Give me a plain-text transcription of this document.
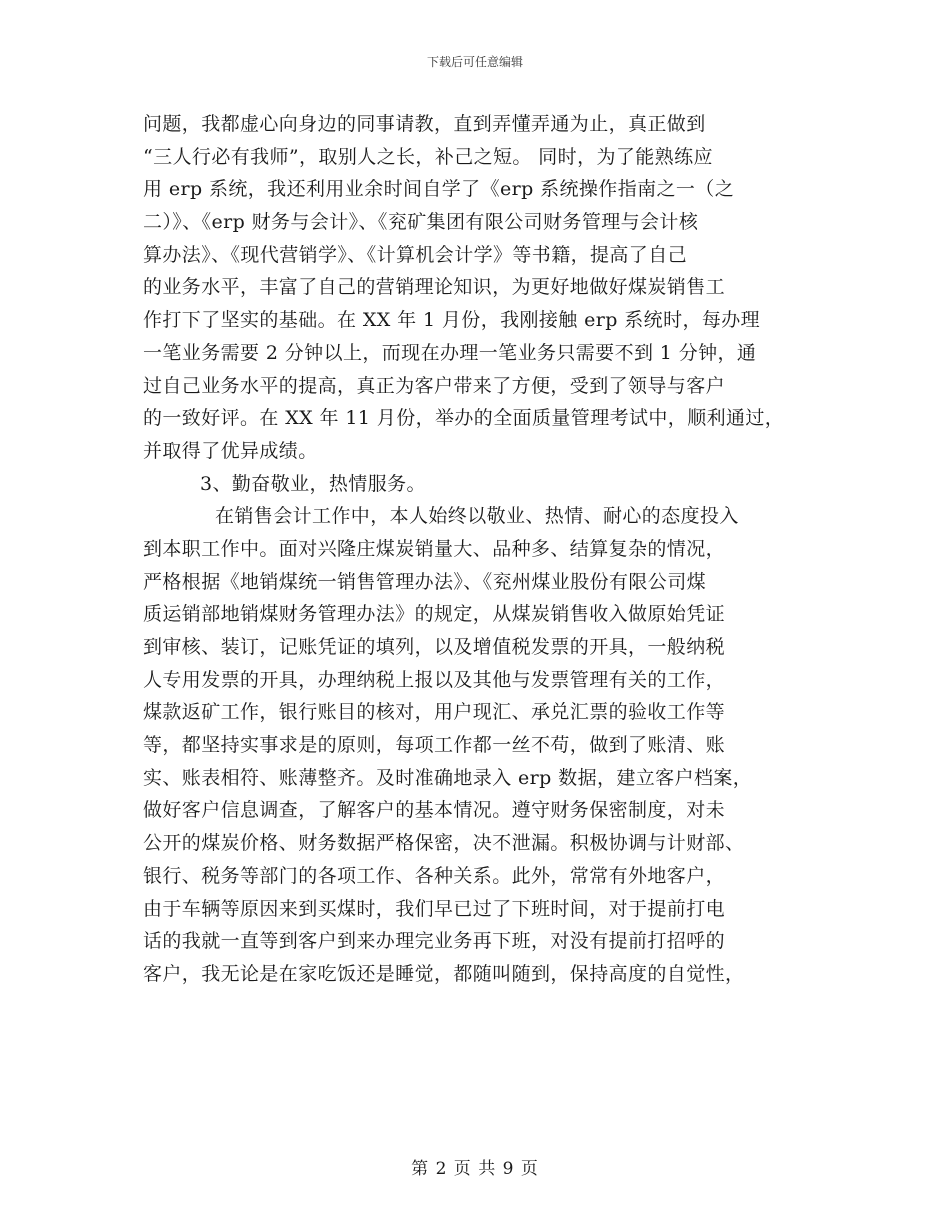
下载后可任意编辑
问题，我都虚心向身边的同事请教，直到弄懂弄通为止，真正做到
“三人行必有我师”，取别人之长，补己之短。 同时，为了能熟练应
用 erp 系统，我还利用业余时间自学了《erp 系统操作指南之一（之
二）》、《erp 财务与会计》、《兖矿集团有限公司财务管理与会计核
算办法》、《现代营销学》、《计算机会计学》等书籍，提高了自己
的业务水平，丰富了自己的营销理论知识，为更好地做好煤炭销售工
作打下了坚实的基础。在 XX 年 1 月份，我刚接触 erp 系统时，每办理
一笔业务需要 2 分钟以上，而现在办理一笔业务只需要不到 1 分钟，通
过自己业务水平的提高，真正为客户带来了方便，受到了领导与客户
的一致好评。在 XX 年 11 月份，举办的全面质量管理考试中，顺利通过，
并取得了优异成绩。
3、勤奋敬业，热情服务。
在销售会计工作中，本人始终以敬业、热情、耐心的态度投入
到本职工作中。面对兴隆庄煤炭销量大、品种多、结算复杂的情况，
严格根据《地销煤统一销售管理办法》、《兖州煤业股份有限公司煤
质运销部地销煤财务管理办法》的规定，从煤炭销售收入做原始凭证
到审核、装订，记账凭证的填列，以及增值税发票的开具，一般纳税
人专用发票的开具，办理纳税上报以及其他与发票管理有关的工作，
煤款返矿工作，银行账目的核对，用户现汇、承兑汇票的验收工作等
等，都坚持实事求是的原则，每项工作都一丝不苟，做到了账清、账
实、账表相符、账薄整齐。及时准确地录入 erp 数据，建立客户档案，
做好客户信息调查，了解客户的基本情况。遵守财务保密制度，对未
公开的煤炭价格、财务数据严格保密，决不泄漏。积极协调与计财部、
银行、税务等部门的各项工作、各种关系。此外，常常有外地客户，
由于车辆等原因来到买煤时，我们早已过了下班时间，对于提前打电
话的我就一直等到客户到来办理完业务再下班，对没有提前打招呼的
客户，我无论是在家吃饭还是睡觉，都随叫随到，保持高度的自觉性，
第 2 页 共 9 页
